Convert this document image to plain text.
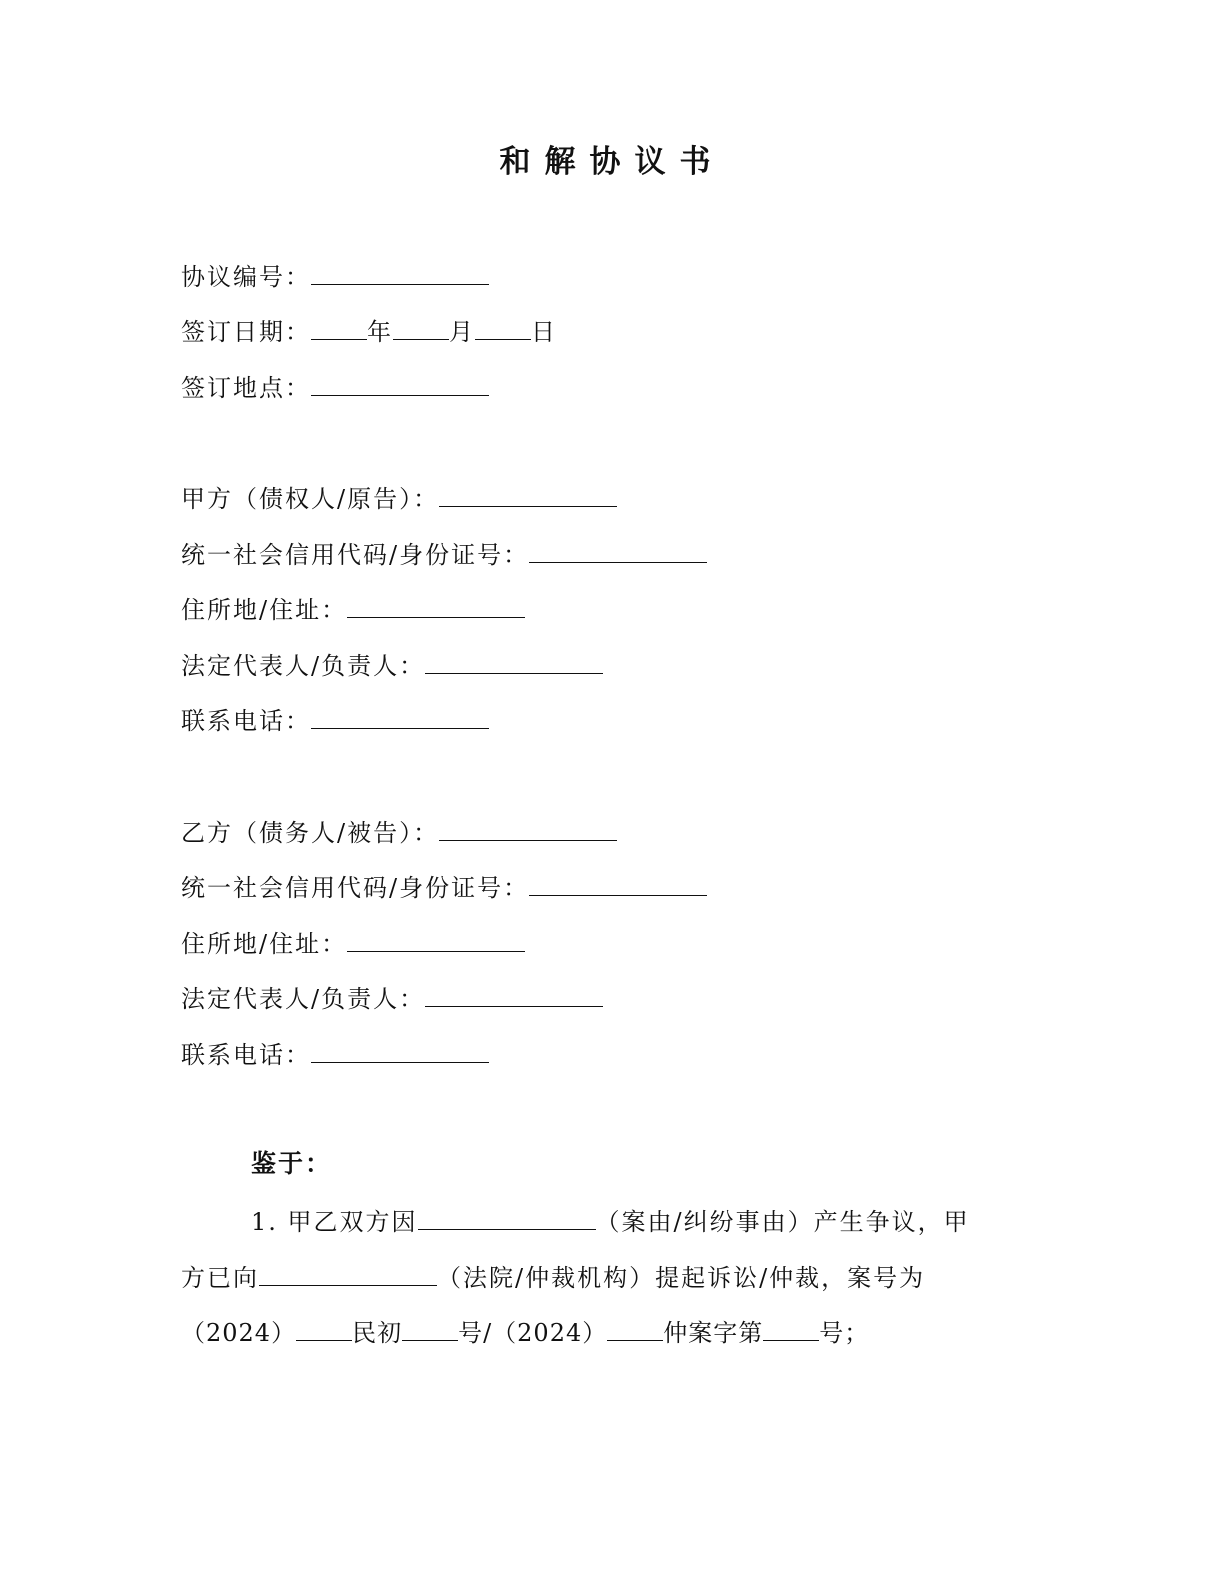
和解协议书
协议编号：
签订日期： 年 月 日
签订地点：
甲方（债权人/原告）：
统一社会信用代码/身份证号：
住所地/住址：
法定代表人/负责人：
联系电话：
乙方（债务人/被告）：
统一社会信用代码/身份证号：
住所地/住址：
法定代表人/负责人：
联系电话：
鉴于：
1. 甲乙双方因	（案由/纠纷事由）产生争议，甲
方已向	（法院/仲裁机构）提起诉讼/仲裁，案号为
（2024） 民初 号/（2024） 仲案字第 号；
